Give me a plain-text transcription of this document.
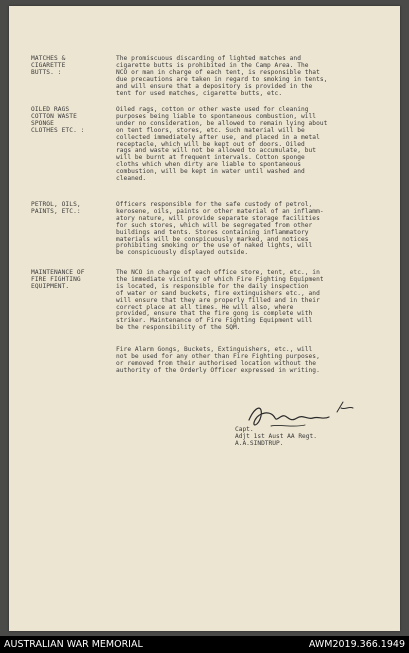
MATCHES &
CIGARETTE
BUTTS. :
The promiscuous discarding of lighted matches and
cigarette butts is prohibited in the Camp Area. The
NCO or man in charge of each tent, is responsible that
due precautions are taken in regard to smoking in tents,
and will ensure that a depository is provided in the
tent for used matches, cigarette butts, etc.
OILED RAGS
COTTON WASTE
SPONGE
CLOTHES ETC. :
Oiled rags, cotton or other waste used for cleaning
purposes being liable to spontaneous combustion, will
under no consideration, be allowed to remain lying about
on tent floors, stores, etc. Such material will be
collected immediately after use, and placed in a metal
receptacle, which will be kept out of doors. Oiled
rags and waste will not be allowed to accumulate, but
will be burnt at frequent intervals. Cotton sponge
cloths which when dirty are liable to spontaneous
combustion, will be kept in water until washed and
cleaned.
PETROL, OILS,
PAINTS, ETC.:
Officers responsible for the safe custody of petrol,
kerosene, oils, paints or other material of an inflamm-
atory nature, will provide separate storage facilities
for such stores, which will be segregated from other
buildings and tents. Stores containing inflammatory
materials will be conspicuously marked, and notices
prohibiting smoking or the use of naked lights, will
be conspicuously displayed outside.
MAINTENANCE OF
FIRE FIGHTING
EQUIPMENT.
The NCO in charge of each office store, tent, etc., in
the immediate vicinity of which Fire Fighting Equipment
is located, is responsible for the daily inspection
of water or sand buckets, fire extinguishers etc., and
will ensure that they are properly filled and in their
correct place at all times. He will also, where
provided, ensure that the fire gong is complete with
striker. Maintenance of Fire Fighting Equipment will
be the responsibility of the SQM.
Fire Alarm Gongs, Buckets, Extinguishers, etc., will
not be used for any other than Fire Fighting purposes,
or removed from their authorised location without the
authority of the Orderly Officer expressed in writing.
Capt.
Adjt 1st Aust AA Regt.
A.A.SINDTRUP.
AUSTRALIAN WAR MEMORIAL	AWM2019.366.1949
